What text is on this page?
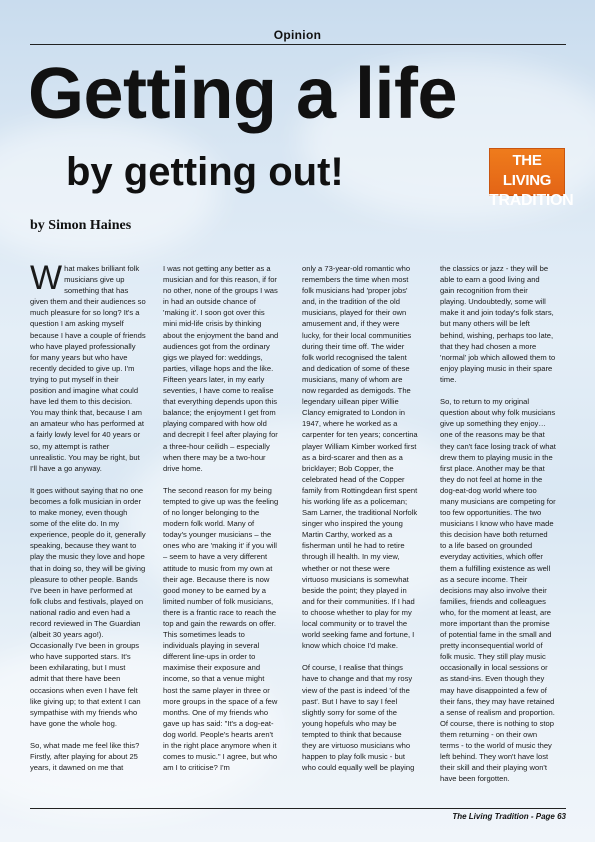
Opinion
Getting a life
by getting out!	THE LIVING
TRADITION
by Simon Haines

What makes brilliant folk musicians give up something that has given them and their audiences so much pleasure for so long? It's a question I am asking myself because I have a couple of friends who have played professionally for many years but who have recently decided to give up. I'm trying to put myself in their position and imagine what could have led them to this decision. You may think that, because I am an amateur who has performed at a fairly lowly level for 40 years or so, my attempt is rather unrealistic. You may be right, but I'll have a go anyway.

It goes without saying that no one becomes a folk musician in order to make money, even though some of the elite do. In my experience, people do it, generally speaking, because they want to play the music they love and hope that in doing so, they will be giving pleasure to other people. Bands I've been in have performed at folk clubs and festivals, played on national radio and even had a record reviewed in The Guardian (albeit 30 years ago!). Occasionally I've been in groups who have supported stars. It's been exhilarating, but I must admit that there have been occasions when even I have felt like giving up; to that extent I can sympathise with my friends who have gone the whole hog.

So, what made me feel like this? Firstly, after playing for about 25 years, it dawned on me that

I was not getting any better as a musician and for this reason, if for no other, none of the groups I was in had an outside chance of 'making it'. I soon got over this mini mid-life crisis by thinking about the enjoyment the band and audiences got from the ordinary gigs we played for: weddings, parties, village hops and the like. Fifteen years later, in my early seventies, I have come to realise that everything depends upon this balance; the enjoyment I get from playing compared with how old and decrepit I feel after playing for a three-hour ceilidh – especially when there may be a two-hour drive home.

The second reason for my being tempted to give up was the feeling of no longer belonging to the modern folk world. Many of today's younger musicians – the ones who are 'making it' if you will – seem to have a very different attitude to music from my own at their age. Because there is now good money to be earned by a limited number of folk musicians, there is a frantic race to reach the top and gain the rewards on offer. This sometimes leads to individuals playing in several different line-ups in order to maximise their exposure and income, so that a venue might host the same player in three or more groups in the space of a few months. One of my friends who gave up has said: "It's a dog-eat-dog world. People's hearts aren't in the right place anymore when it comes to music." I agree, but who am I to criticise? I'm

only a 73-year-old romantic who remembers the time when most folk musicians had 'proper jobs' and, in the tradition of the old musicians, played for their own amusement and, if they were lucky, for their local communities during their time off. The wider folk world recognised the talent and dedication of some of these musicians, many of whom are now regarded as demigods. The legendary uillean piper Willie Clancy emigrated to London in 1947, where he worked as a carpenter for ten years; concertina player William Kimber worked first as a bird-scarer and then as a bricklayer; Bob Copper, the celebrated head of the Copper family from Rottingdean first spent his working life as a policeman; Sam Larner, the traditional Norfolk singer who inspired the young Martin Carthy, worked as a fisherman until he had to retire through ill health. In my view, whether or not these were virtuoso musicians is somewhat beside the point; they played in and for their communities. If I had to choose whether to play for my local community or to travel the world seeking fame and fortune, I know which choice I'd make.

Of course, I realise that things have to change and that my rosy view of the past is indeed 'of the past'. But I have to say I feel slightly sorry for some of the young hopefuls who may be tempted to think that because they are virtuoso musicians who happen to play folk music - but who could equally well be playing

the classics or jazz - they will be able to earn a good living and gain recognition from their playing. Undoubtedly, some will make it and join today's folk stars, but many others will be left behind, wishing, perhaps too late, that they had chosen a more 'normal' job which allowed them to enjoy playing music in their spare time.

So, to return to my original question about why folk musicians give up something they enjoy… one of the reasons may be that they can't face losing track of what drew them to playing music in the first place. Another may be that they do not feel at home in the dog-eat-dog world where too many musicians are competing for too few opportunities. The two musicians I know who have made this decision have both returned to a life based on grounded everyday activities, which offer them a fulfilling existence as well as a secure income. Their decisions may also involve their families, friends and colleagues who, for the moment at least, are more important than the promise of potential fame in the small and pretty inconsequential world of folk music. They still play music occasionally in local sessions or as stand-ins. Even though they may have disappointed a few of their fans, they may have retained a sense of realism and proportion. Of course, there is nothing to stop them returning - on their own terms - to the world of music they left behind. They won't have lost their skill and their playing won't have been forgotten.

The Living Tradition - Page 63
